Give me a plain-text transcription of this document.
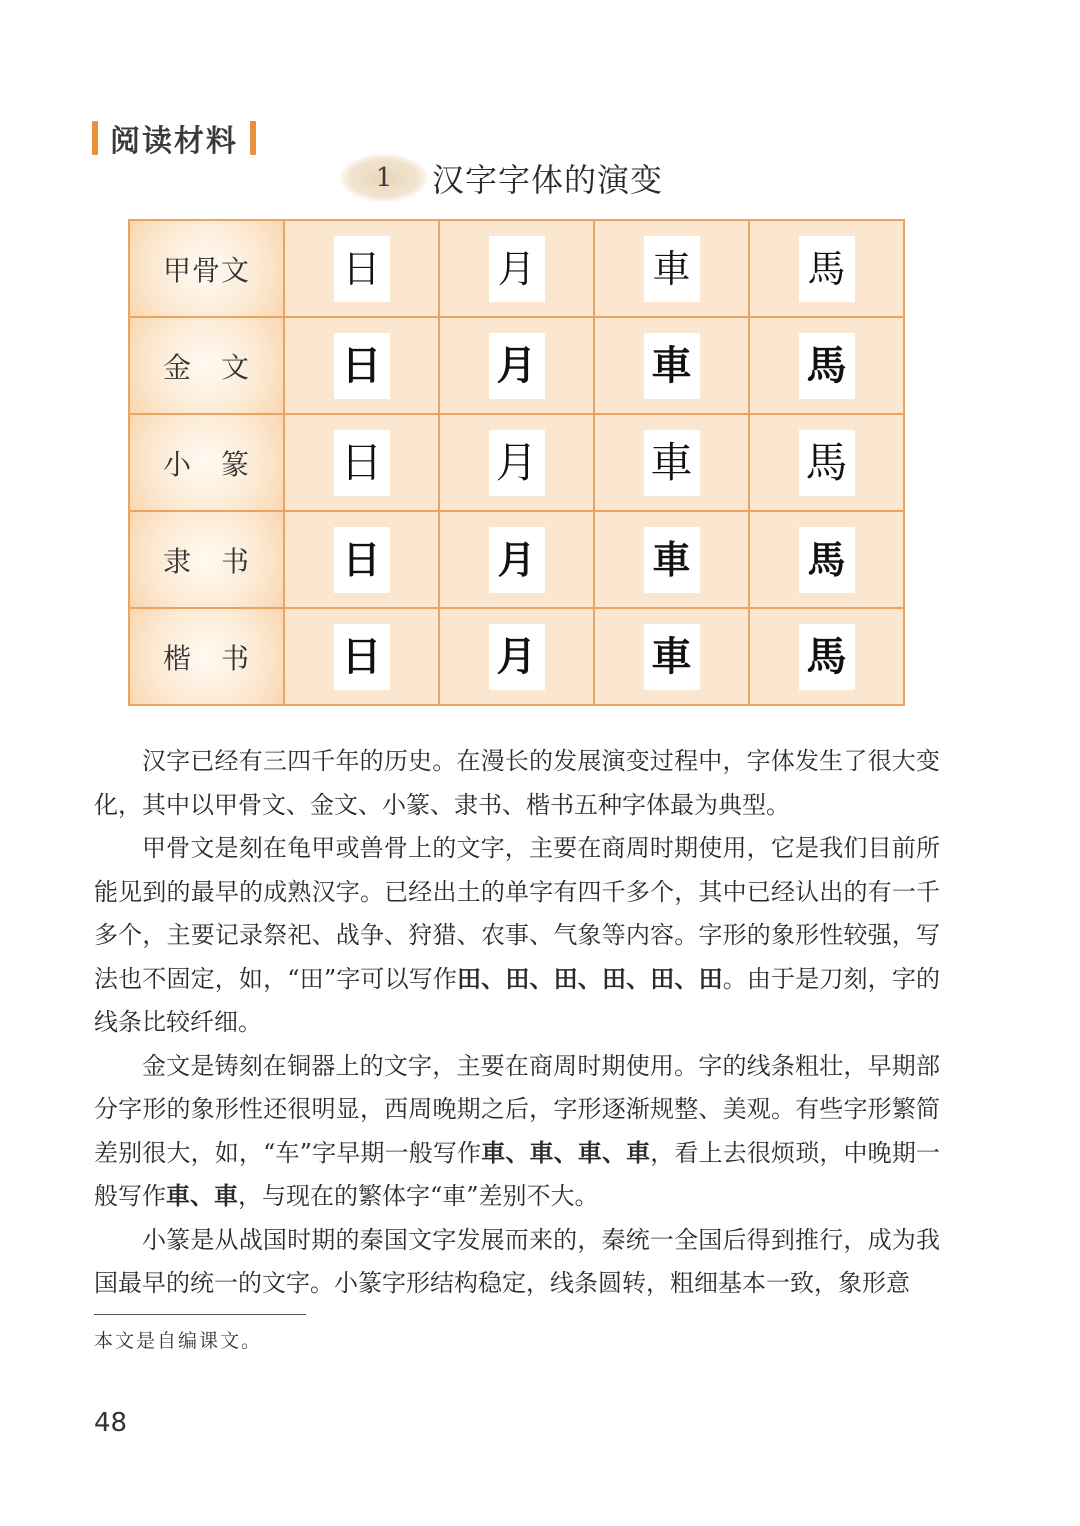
阅读材料
1	汉字字体的演变
甲骨文	日	月	車	馬
金　文	日	月	車	馬
小　篆	日	月	車	馬
隶　书	日	月	車	馬
楷　书	日	月	車	馬

汉字已经有三四千年的历史。在漫长的发展演变过程中，字体发生了很大变化，其中以甲骨文、金文、小篆、隶书、楷书五种字体最为典型。

甲骨文是刻在龟甲或兽骨上的文字，主要在商周时期使用，它是我们目前所能见到的最早的成熟汉字。已经出土的单字有四千多个，其中已经认出的有一千多个，主要记录祭祀、战争、狩猎、农事、气象等内容。字形的象形性较强，写法也不固定，如，“田”字可以写作田、田、田、田、田、田。由于是刀刻，字的线条比较纤细。

金文是铸刻在铜器上的文字，主要在商周时期使用。字的线条粗壮，早期部分字形的象形性还很明显，西周晚期之后，字形逐渐规整、美观。有些字形繁简差别很大，如，“车”字早期一般写作車、車、車、車，看上去很烦琐，中晚期一般写作車、車，与现在的繁体字“車”差别不大。

小篆是从战国时期的秦国文字发展而来的，秦统一全国后得到推行，成为我国最早的统一的文字。小篆字形结构稳定，线条圆转，粗细基本一致，象形意

本文是自编课文。
48
